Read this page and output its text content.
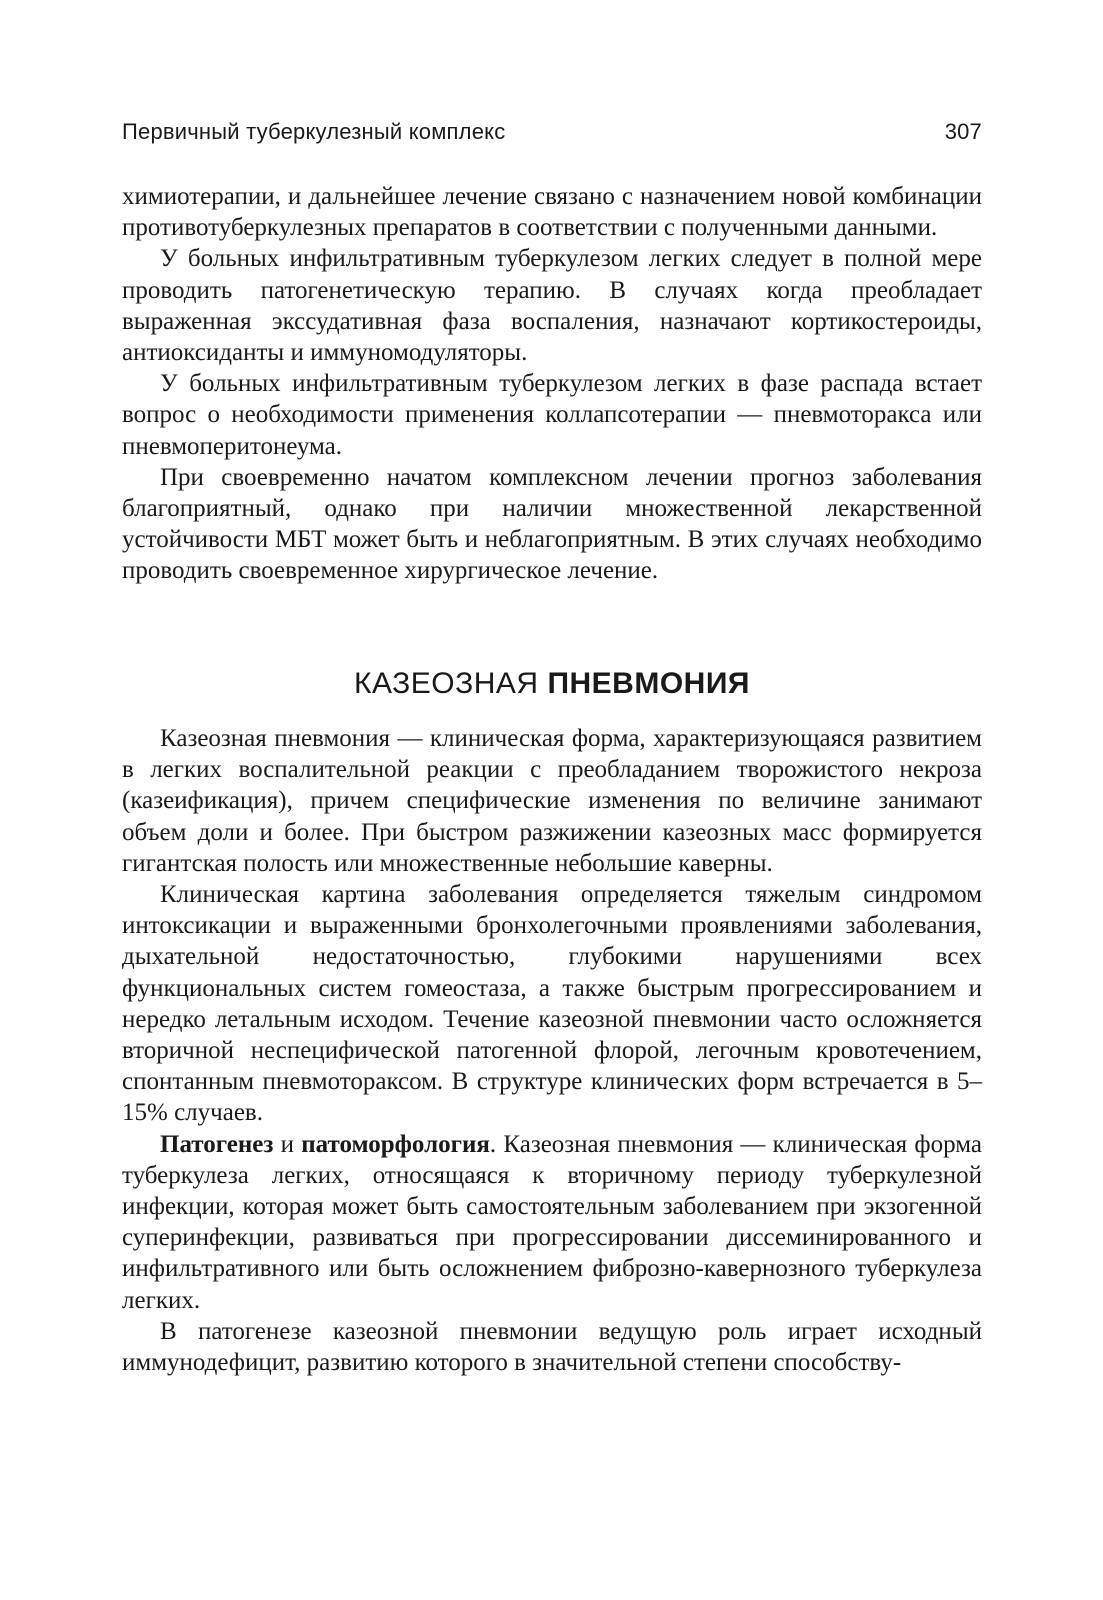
Первичный туберкулезный комплекс	307

химиотерапии, и дальнейшее лечение связано с назначением новой комбинации противотуберкулезных препаратов в соответствии с полученными данными.

У больных инфильтративным туберкулезом легких следует в полной мере проводить патогенетическую терапию. В случаях когда преобладает выраженная экссудативная фаза воспаления, назначают кортикостероиды, антиоксиданты и иммуномодуляторы.

У больных инфильтративным туберкулезом легких в фазе распада встает вопрос о необходимости применения коллапсотерапии — пневмоторакса или пневмоперитонеума.

При своевременно начатом комплексном лечении прогноз заболевания благоприятный, однако при наличии множественной лекарственной устойчивости МБТ может быть и неблагоприятным. В этих случаях необходимо проводить своевременное хирургическое лечение.

КАЗЕОЗНАЯ ПНЕВМОНИЯ

Казеозная пневмония — клиническая форма, характеризующаяся развитием в легких воспалительной реакции с преобладанием творожистого некроза (казеификация), причем специфические изменения по величине занимают объем доли и более. При быстром разжижении казеозных масс формируется гигантская полость или множественные небольшие каверны.

Клиническая картина заболевания определяется тяжелым синдромом интоксикации и выраженными бронхолегочными проявлениями заболевания, дыхательной недостаточностью, глубокими нарушениями всех функциональных систем гомеостаза, а также быстрым прогрессированием и нередко летальным исходом. Течение казеозной пневмонии часто осложняется вторичной неспецифической патогенной флорой, легочным кровотечением, спонтанным пневмотораксом. В структуре клинических форм встречается в 5–15% случаев.

Патогенез и патоморфология. Казеозная пневмония — клиническая форма туберкулеза легких, относящаяся к вторичному периоду туберкулезной инфекции, которая может быть самостоятельным заболеванием при экзогенной суперинфекции, развиваться при прогрессировании диссеминированного и инфильтративного или быть осложнением фиброзно-кавернозного туберкулеза легких.

В патогенезе казеозной пневмонии ведущую роль играет исходный иммунодефицит, развитию которого в значительной степени способству-
